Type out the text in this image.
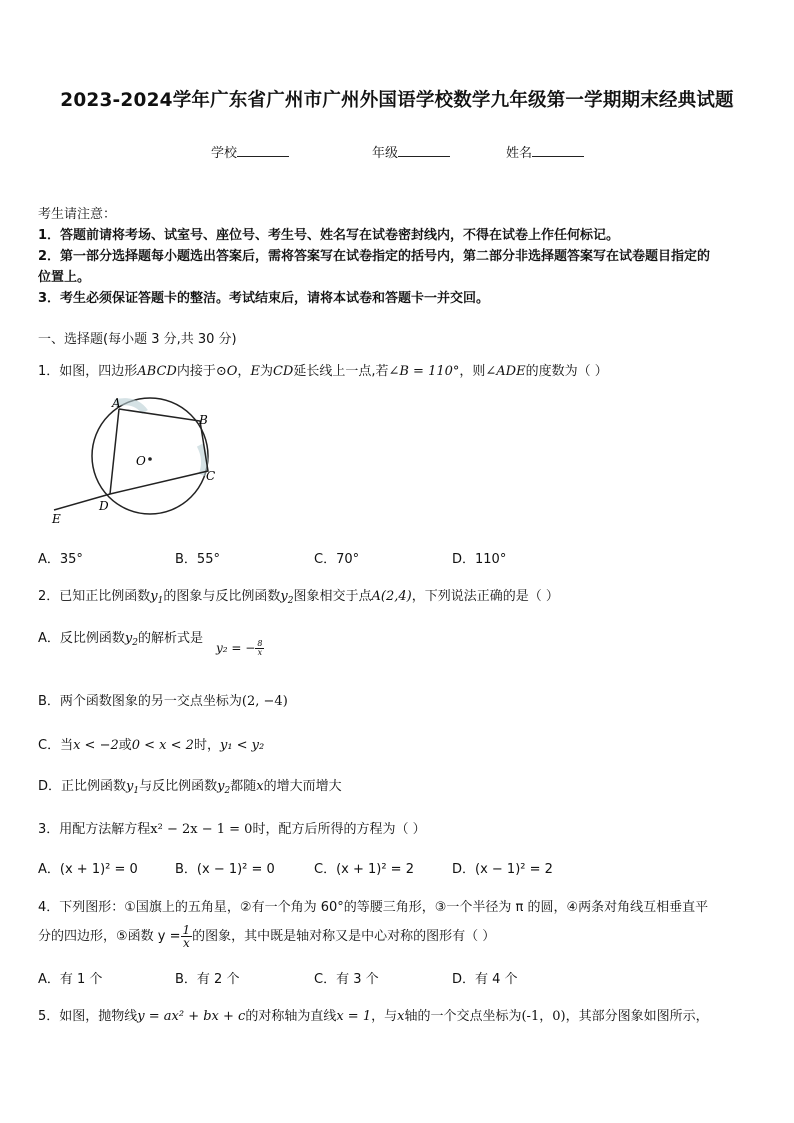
2023-2024学年广东省广州市广州外国语学校数学九年级第一学期期末经典试题
学校	年级	姓名
考生请注意：
1．答题前请将考场、试室号、座位号、考生号、姓名写在试卷密封线内，不得在试卷上作任何标记。
2．第一部分选择题每小题选出答案后，需将答案写在试卷指定的括号内，第二部分非选择题答案写在试卷题目指定的
位置上。
3．考生必须保证答题卡的整洁。考试结束后，请将本试卷和答题卡一并交回。
一、选择题(每小题 3 分,共 30 分)
1．如图，四边形ABCD内接于⊙O，E为CD延长线上一点,若∠B = 110°，则∠ADE的度数为（ ）
A
B
C
D
E
O
A．35°	B．55°	C．70°	D．110°
2．已知正比例函数$y_1$的图象与反比例函数$y_2$图象相交于点A(2,4)，下列说法正确的是（ ）
A．反比例函数$y_2$的解析式是
y₂ = − $\frac{8}{x}$
B．两个函数图象的另一交点坐标为(2, −4)
C．当x < −2或0 < x < 2时，y₁ < y₂
D．正比例函数$y_1$与反比例函数$y_2$都随x的增大而增大
3．用配方法解方程x² − 2x − 1 = 0时，配方后所得的方程为（ ）
A．(x + 1)² = 0	B．(x − 1)² = 0	C．(x + 1)² = 2	D．(x − 1)² = 2
4．下列图形：①国旗上的五角星，②有一个角为 60°的等腰三角形，③一个半径为 π 的圆，④两条对角线互相垂直平
分的四边形，⑤函数 $y = \frac{1}{x}$ 的图象，其中既是轴对称又是中心对称的图形有（ ）
A．有 1 个	B．有 2 个	C．有 3 个	D．有 4 个
5．如图，抛物线y = ax² + bx + c的对称轴为直线x = 1，与x轴的一个交点坐标为(-1，0)，其部分图象如图所示，
